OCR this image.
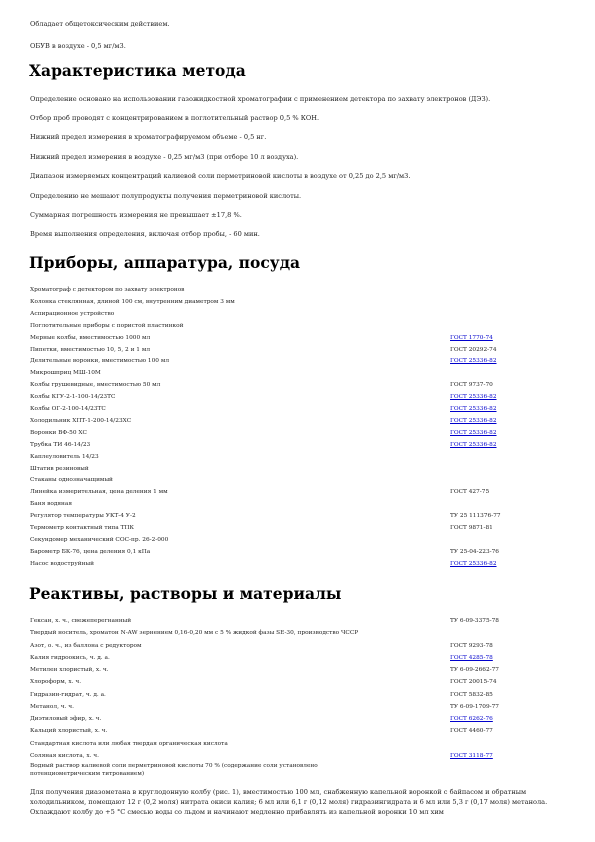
Обладает общетоксическим действием.
ОБУВ в воздухе - 0,5 мг/м3.
Характеристика метода
Определение основано на использовании газожидкостной хроматографии с применением детектора по захвату электронов (ДЭЗ).
Отбор проб проводят с концентрированием в поглотительный раствор 0,5 % КОН.
Нижний предел измерения в хроматографируемом объеме - 0,5 нг.
Нижний предел измерения в воздухе - 0,25 мг/м3 (при отборе 10 л воздуха).
Диапазон измеряемых концентраций калиевой соли перметриновой кислоты в воздухе от 0,25 до 2,5 мг/м3.
Определению не мешают полупродукты получения перметриновой кислоты.
Суммарная погрешность измерения не превышает ±17,8 %.
Время выполнения определения, включая отбор пробы, - 60 мин.
Приборы, аппаратура, посуда
Хроматограф с детектором по захвату электронов
Колонка стеклянная, длиной 100 см, внутренним диаметром 3 мм
Аспирационное устройство
Поглотительные приборы с пористой пластинкой
Мерные колбы, вместимостью 1000 мл	ГОСТ 1770-74
Пипетки, вместимостью 10, 5, 2 и 1 мл	ГОСТ 20292-74
Делительные воронки, вместимостью 100 мл	ГОСТ 25336-82
Микрошприц МШ-10М
Колбы грушевидные, вместимостью 50 мл	ГОСТ 9737-70
Колбы КГУ-2-1-100-14/23ТС	ГОСТ 25336-82
Колбы ОГ-2-100-14/23ТС	ГОСТ 25336-82
Холодильник ХПТ-1-200-14/23ХС	ГОСТ 25336-82
Воронки ВФ-50 ХС	ГОСТ 25336-82
Трубка ТИ 46-14/23	ГОСТ 25336-82
Каплеуловитель 14/23
Штатив резиновый
Стаканы однозначащимый
Линейка измерительная, цена деления 1 мм	ГОСТ 427-75
Баня водяная
Регулятор температуры УКТ-4 У-2	ТУ 25 111376-77
Термометр контактный типа ТПК	ГОСТ 9871-81
Секундомер механический СОС-пр. 26-2-000
Барометр БК-76, цена деления 0,1 кПа	ТУ 25-04-223-76
Насос водоструйный	ГОСТ 25336-82
Реактивы, растворы и материалы
Гексан, х. ч., свежеперегнанный	ТУ 6-09-3375-78
Твердый носитель, хроматон N-AW зернением 0,16-0,20 мм с 5 % жидкой фазы SE-30, производство ЧССР
Азот, о. ч., из баллона с редуктором	ГОСТ 9293-78
Калия гидроокись, ч. д. а.	ГОСТ 4285-78
Метилен хлористый, х. ч.	ТУ 6-09-2662-77
Хлороформ, х. ч.	ГОСТ 20015-74
Гидразин-гидрат, ч. д. а.	ГОСТ 5832-85
Метанол, ч. ч.	ТУ 6-09-1709-77
Диэтиловый эфир, х. ч.	ГОСТ 6262-76
Кальций хлористый, х. ч.	ГОСТ 4460-77
Стандартная кислота или любая твердая органическая кислота
Соляная кислота, х. ч.	ГОСТ 3118-77
Водный раствор калиевой соли перметриновой кислоты 70 % (содержание соли установлено потенциометрическим титрованием)
Для получения диазометана в круглодонную колбу (рис. 1), вместимостью 100 мл, снабженную капельной воронкой с байпасом и обратным холодильником, помещают 12 г (0,2 моля) нитрата окиси калия; 6 мл или 6,1 г (0,12 моля) гидразингидрата и 6 мл или 5,3 г (0,17 моля) метанола. Охлаждают колбу до +5 °С смесью воды со льдом и начинают медленно прибавлять из капельной воронки 10 мл хим
